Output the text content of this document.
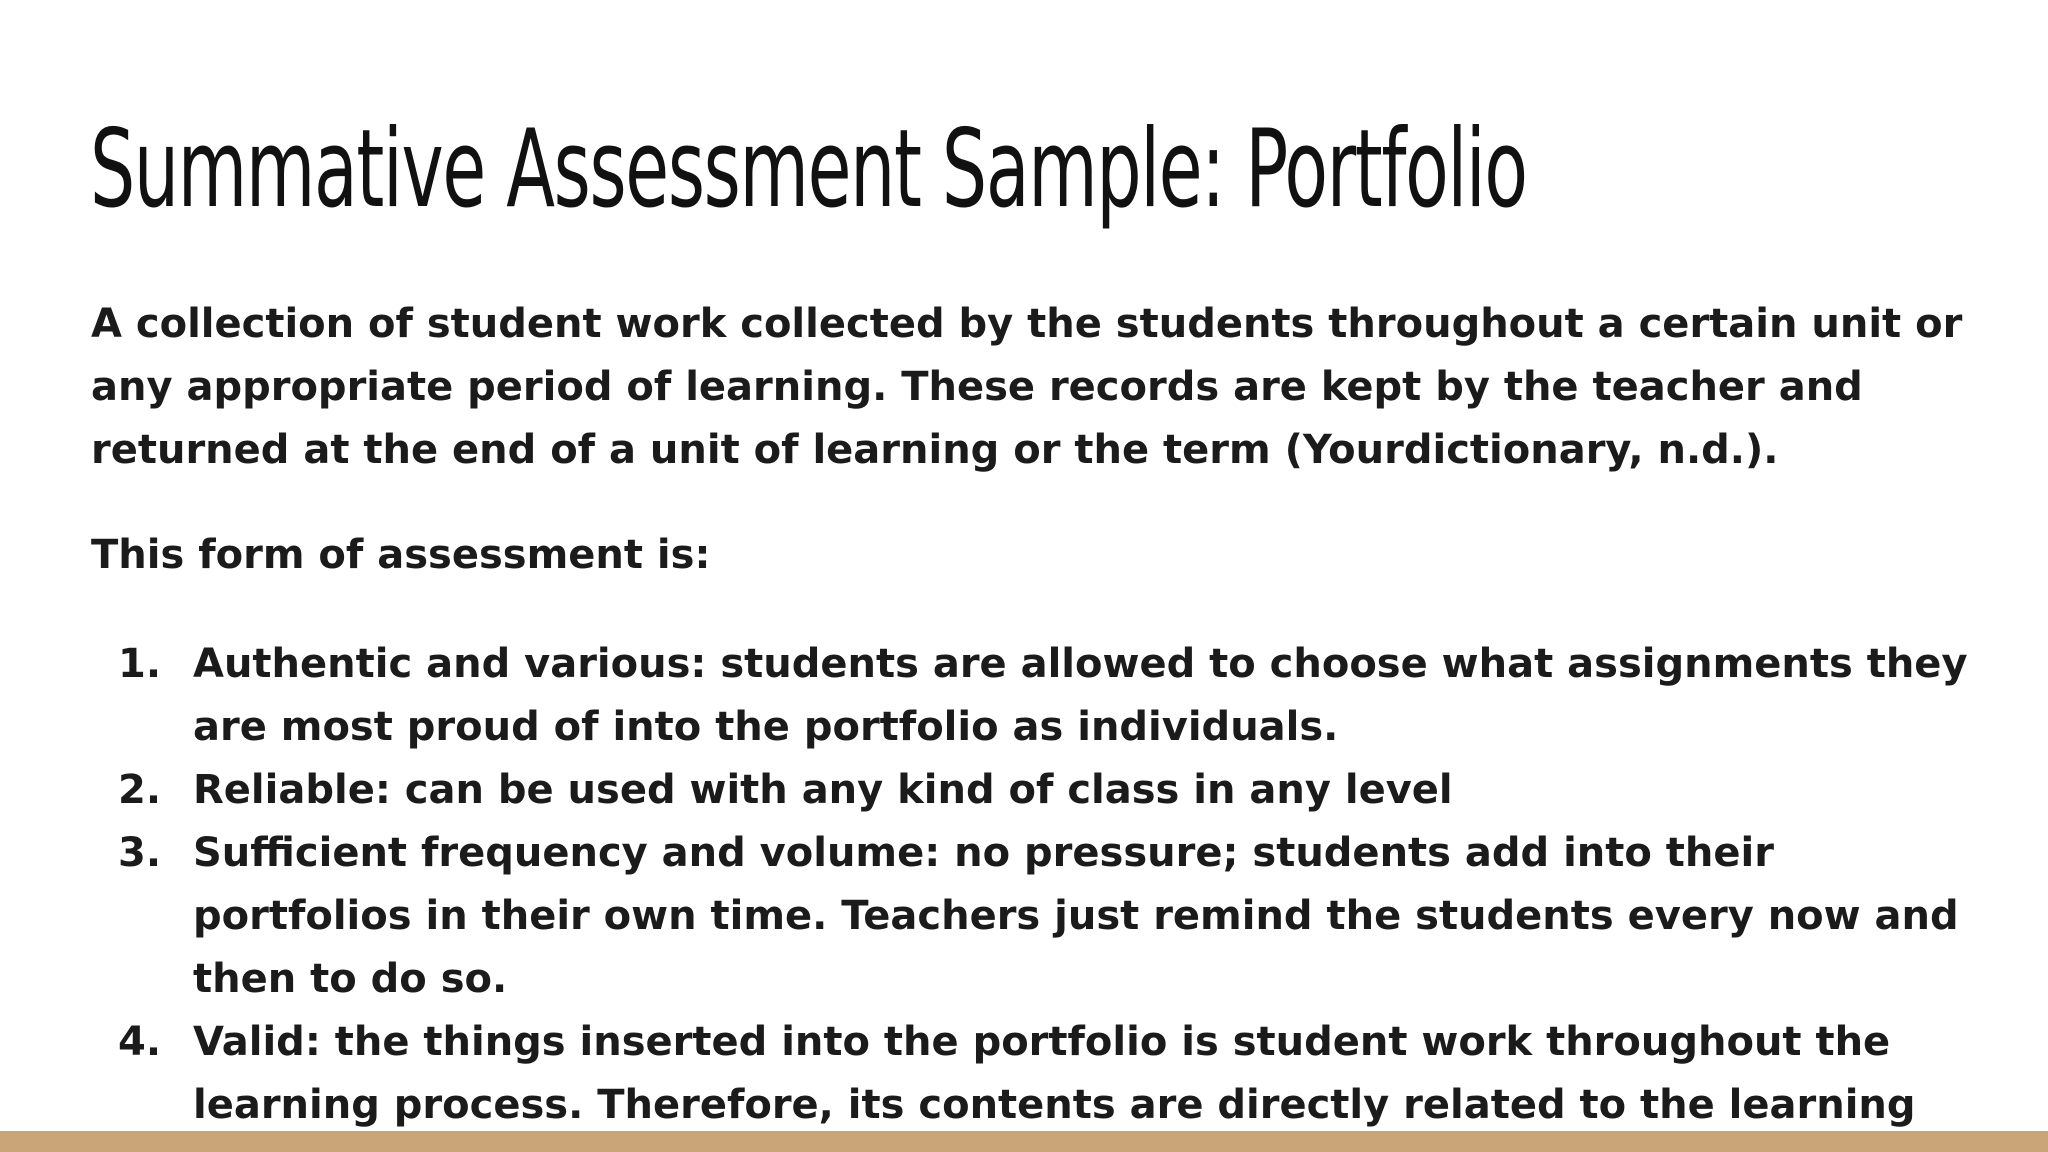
Summative Assessment Sample: Portfolio

A collection of student work collected by the students throughout a certain unit or any appropriate period of learning. These records are kept by the teacher and returned at the end of a unit of learning or the term (Yourdictionary, n.d.).

This form of assessment is:

1. Authentic and various: students are allowed to choose what assignments they are most proud of into the portfolio as individuals.
2. Reliable: can be used with any kind of class in any level
3. Sufficient frequency and volume: no pressure; students add into their portfolios in their own time. Teachers just remind the students every now and then to do so.
4. Valid: the things inserted into the portfolio is student work throughout the learning process. Therefore, its contents are directly related to the learning
